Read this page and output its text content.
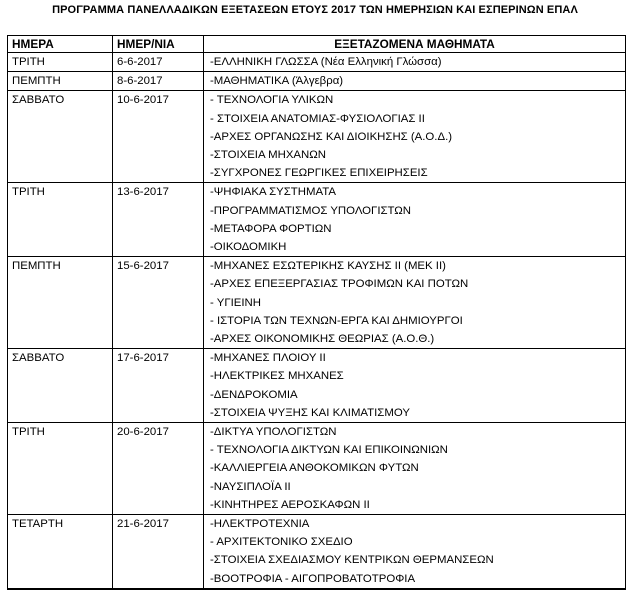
ΠΡΟΓΡΑΜΜΑ ΠΑΝΕΛΛΑΔΙΚΩΝ ΕΞΕΤΑΣΕΩΝ ΕΤΟΥΣ 2017 ΤΩΝ ΗΜΕΡΗΣΙΩΝ ΚΑΙ ΕΣΠΕΡΙΝΩΝ ΕΠΑΛ
ΗΜΕΡΑ	ΗΜΕΡ/ΝΙΑ	ΕΞΕΤΑΖΟΜΕΝΑ ΜΑΘΗΜΑΤΑ
ΤΡΙΤΗ	6-6-2017	-ΕΛΛΗΝΙΚΗ ΓΛΩΣΣΑ (Νέα Ελληνική Γλώσσα)

ΠΕΜΠΤΗ	8-6-2017	-ΜΑΘΗΜΑΤΙΚΑ (Άλγεβρα)

ΣΑΒΒΑΤΟ	10-6-2017	- ΤΕΧΝΟΛΟΓΙΑ ΥΛΙΚΩΝ
- ΣΤΟΙΧΕΙΑ ΑΝΑΤΟΜΙΑΣ-ΦΥΣΙΟΛΟΓΙΑΣ ΙΙ
-ΑΡΧΕΣ ΟΡΓΑΝΩΣΗΣ ΚΑΙ ΔΙΟΙΚΗΣΗΣ (Α.Ο.Δ.)
-ΣΤΟΙΧΕΙΑ ΜΗΧΑΝΩΝ
-ΣΥΓΧΡΟΝΕΣ ΓΕΩΡΓΙΚΕΣ ΕΠΙΧΕΙΡΗΣΕΙΣ

ΤΡΙΤΗ	13-6-2017	-ΨΗΦΙΑΚΑ ΣΥΣΤΗΜΑΤΑ
-ΠΡΟΓΡΑΜΜΑΤΙΣΜΟΣ ΥΠΟΛΟΓΙΣΤΩΝ
-ΜΕΤΑΦΟΡΑ ΦΟΡΤΙΩΝ
-ΟΙΚΟΔΟΜΙΚΗ

ΠΕΜΠΤΗ	15-6-2017	-ΜΗΧΑΝΕΣ ΕΣΩΤΕΡΙΚΗΣ ΚΑΥΣΗΣ ΙΙ (ΜΕΚ ΙΙ)
-ΑΡΧΕΣ ΕΠΕΞΕΡΓΑΣΙΑΣ ΤΡΟΦΙΜΩΝ ΚΑΙ ΠΟΤΩΝ
- ΥΓΙΕΙΝΗ
- ΙΣΤΟΡΙΑ ΤΩΝ ΤΕΧΝΩΝ-ΕΡΓΑ ΚΑΙ ΔΗΜΙΟΥΡΓΟΙ
-ΑΡΧΕΣ ΟΙΚΟΝΟΜΙΚΗΣ ΘΕΩΡΙΑΣ (Α.Ο.Θ.)

ΣΑΒΒΑΤΟ	17-6-2017	-ΜΗΧΑΝΕΣ ΠΛΟΙΟΥ ΙΙ
-ΗΛΕΚΤΡΙΚΕΣ ΜΗΧΑΝΕΣ
-ΔΕΝΔΡΟΚΟΜΙΑ
-ΣΤΟΙΧΕΙΑ ΨΥΞΗΣ ΚΑΙ ΚΛΙΜΑΤΙΣΜΟΥ

ΤΡΙΤΗ	20-6-2017	-ΔΙΚΤΥΑ ΥΠΟΛΟΓΙΣΤΩΝ
- ΤΕΧΝΟΛΟΓΙΑ ΔΙΚΤΥΩΝ ΚΑΙ ΕΠΙΚΟΙΝΩΝΙΩΝ
-ΚΑΛΛΙΕΡΓΕΙΑ ΑΝΘΟΚΟΜΙΚΩΝ ΦΥΤΩΝ
-ΝΑΥΣΙΠΛΟΪΑ ΙΙ
-ΚΙΝΗΤΗΡΕΣ ΑΕΡΟΣΚΑΦΩΝ ΙΙ

ΤΕΤΑΡΤΗ	21-6-2017	-ΗΛΕΚΤΡΟΤΕΧΝΙΑ
- ΑΡΧΙΤΕΚΤΟΝΙΚΟ ΣΧΕΔΙΟ
-ΣΤΟΙΧΕΙΑ ΣΧΕΔΙΑΣΜΟΥ ΚΕΝΤΡΙΚΩΝ ΘΕΡΜΑΝΣΕΩΝ
-ΒΟΟΤΡΟΦΙΑ - ΑΙΓΟΠΡΟΒΑΤΟΤΡΟΦΙΑ
